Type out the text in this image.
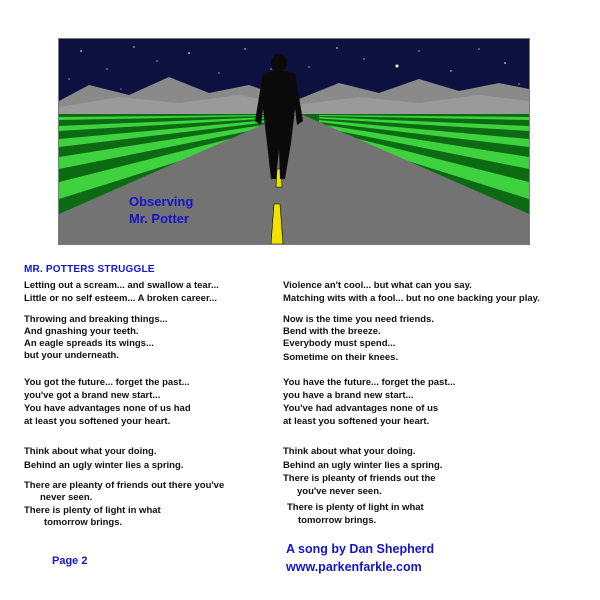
Observing
Mr. Potter
MR. POTTERS STRUGGLE
Letting out a scream... and swallow a tear...
Little or no self esteem... A broken career...
Throwing and breaking things...
And gnashing your teeth.
An eagle spreads its wings...
but your underneath.
You got the future... forget the past...
you've got a brand new start...
You have advantages none of us had
at least you softened your heart.
Think about what your doing.
Behind an ugly winter lies a spring.
There are pleanty of friends out there you've
never seen.
There is plenty of light in what
tomorrow brings.
Violence an't cool... but what can you say.
Matching wits with a fool... but no one backing your play.
Now is the time you need friends.
Bend with the breeze.
Everybody must spend...
Sometime on their knees.
You have the future... forget the past...
you have a brand new start...
You've had advantages none of us
at least you softened your heart.
Think about what your doing.
Behind an ugly winter lies a spring.
There is pleanty of friends out the
you've never seen.
There is plenty of light in what
tomorrow brings.
A song by Dan Shepherd
www.parkenfarkle.com
Page 2
